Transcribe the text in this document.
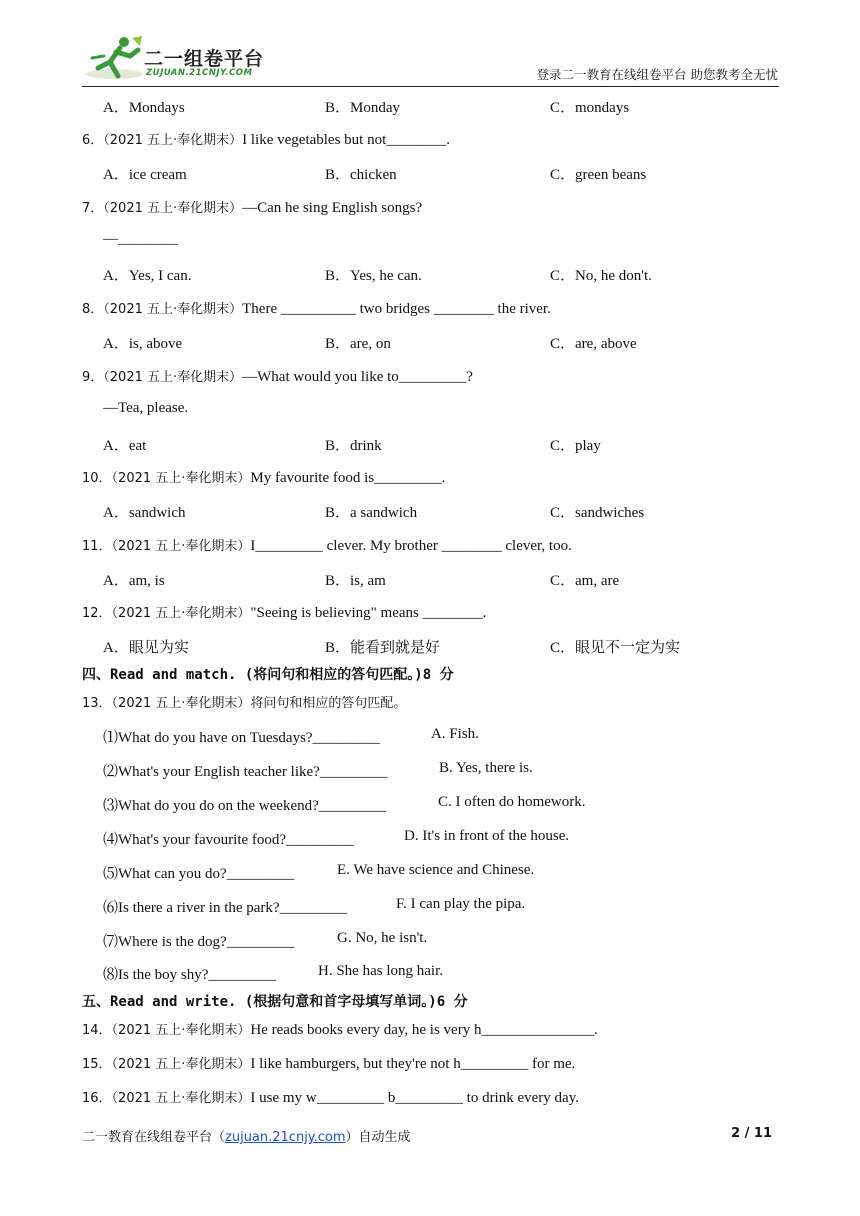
二一组卷平台
ZUJUAN.21CNJY.COM	登录二一教育在线组卷平台 助您教考全无忧
A．Mondays	B．Monday	C．mondays
6．（2021 五上·奉化期末）I like vegetables but not________.
A．ice cream	B．chicken	C．green beans
7．（2021 五上·奉化期末）—Can he sing English songs?
—________
A．Yes, I can.	B．Yes, he can.	C．No, he don't.
8．（2021 五上·奉化期末）There __________ two bridges ________ the river.
A．is, above	B．are, on	C．are, above
9．（2021 五上·奉化期末）—What would you like to_________?
—Tea, please.
A．eat	B．drink	C．play
10．（2021 五上·奉化期末）My favourite food is_________.
A．sandwich	B．a sandwich	C．sandwiches
11．（2021 五上·奉化期末）I_________ clever. My brother ________ clever, too.
A．am, is	B．is, am	C．am, are
12．（2021 五上·奉化期末）"Seeing is believing" means ________.
A．眼见为实	B．能看到就是好	C．眼见不一定为实
四、Read and match. (将问句和相应的答句匹配。)8 分
13．（2021 五上·奉化期末）将问句和相应的答句匹配。
⑴What do you have on Tuesdays?_________	A. Fish.
⑵What's your English teacher like?_________	B. Yes, there is.
⑶What do you do on the weekend?_________	C. I often do homework.
⑷What's your favourite food?_________	D. It's in front of the house.
⑸What can you do?_________	E. We have science and Chinese.
⑹Is there a river in the park?_________	F. I can play the pipa.
⑺Where is the dog?_________	G. No, he isn't.
⑻Is the boy shy?_________	H. She has long hair.
五、Read and write. (根据句意和首字母填写单词。)6 分
14．（2021 五上·奉化期末）He reads books every day, he is very h_______________.
15．（2021 五上·奉化期末）I like hamburgers, but they're not h_________ for me.
16．（2021 五上·奉化期末）I use my w_________ b_________ to drink every day.
二一教育在线组卷平台（zujuan.21cnjy.com）自动生成	2 / 11
